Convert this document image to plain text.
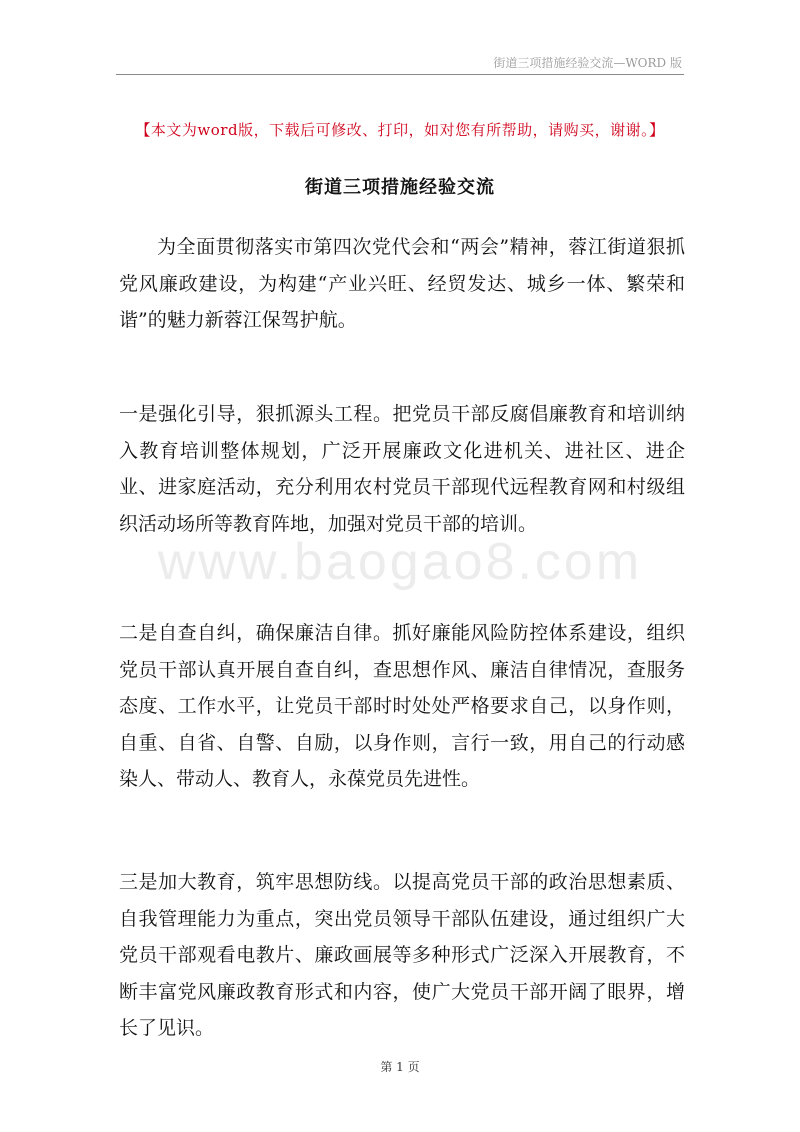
街道三项措施经验交流—WORD 版
【本文为word版，下载后可修改、打印，如对您有所帮助，请购买，谢谢。】
街道三项措施经验交流
www.baogao8.com

为全面贯彻落实市第四次党代会和“两会”精神，蓉江街道狠抓党风廉政建设，为构建“产业兴旺、经贸发达、城乡一体、繁荣和谐”的魅力新蓉江保驾护航。

一是强化引导，狠抓源头工程。把党员干部反腐倡廉教育和培训纳入教育培训整体规划，广泛开展廉政文化进机关、进社区、进企业、进家庭活动，充分利用农村党员干部现代远程教育网和村级组织活动场所等教育阵地，加强对党员干部的培训。

二是自查自纠，确保廉洁自律。抓好廉能风险防控体系建设，组织党员干部认真开展自查自纠，查思想作风、廉洁自律情况，查服务态度、工作水平，让党员干部时时处处严格要求自己，以身作则，自重、自省、自警、自励，以身作则，言行一致，用自己的行动感染人、带动人、教育人，永葆党员先进性。

三是加大教育，筑牢思想防线。以提高党员干部的政治思想素质、自我管理能力为重点，突出党员领导干部队伍建设，通过组织广大党员干部观看电教片、廉政画展等多种形式广泛深入开展教育，不断丰富党风廉政教育形式和内容，使广大党员干部开阔了眼界，增长了见识。

第 1 页
